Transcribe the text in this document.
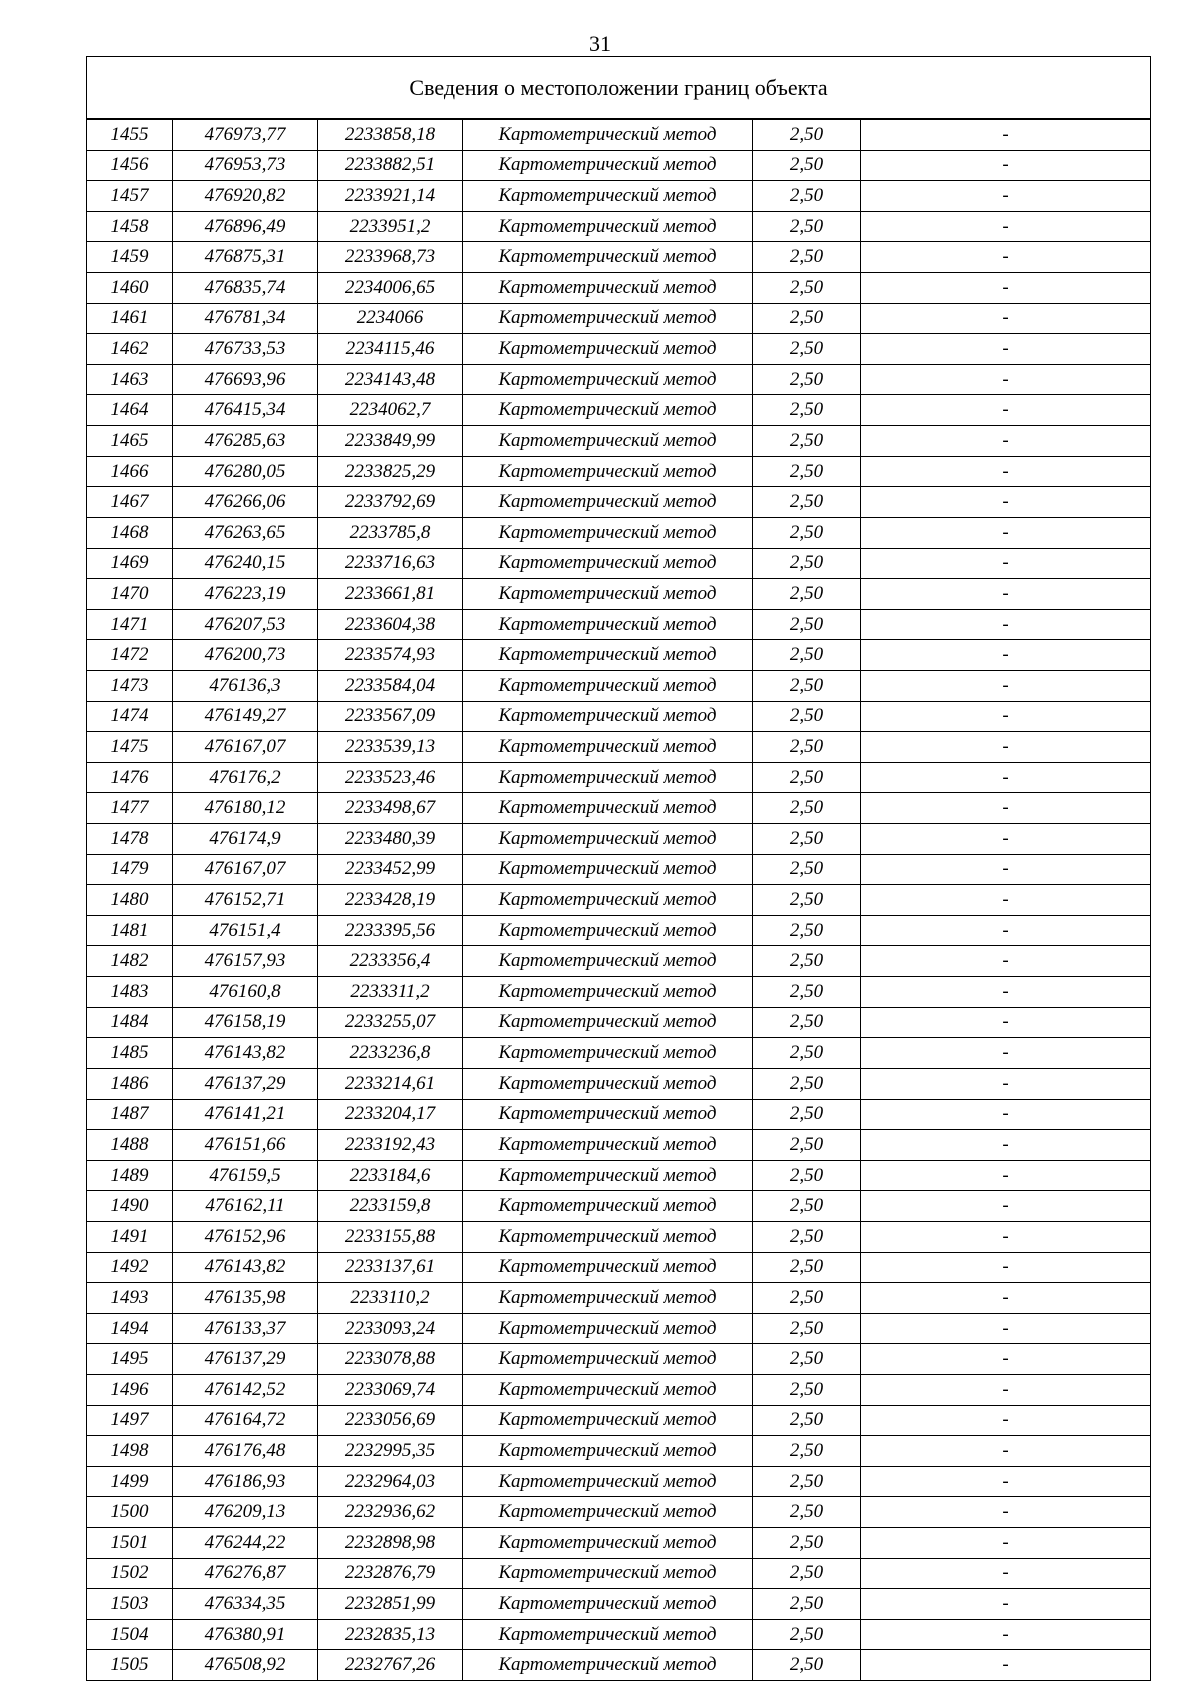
31
Сведения о местоположении границ объекта					
1455	476973,77	2233858,18	Картометрический метод	2,50	-
1456	476953,73	2233882,51	Картометрический метод	2,50	-
1457	476920,82	2233921,14	Картометрический метод	2,50	-
1458	476896,49	2233951,2	Картометрический метод	2,50	-
1459	476875,31	2233968,73	Картометрический метод	2,50	-
1460	476835,74	2234006,65	Картометрический метод	2,50	-
1461	476781,34	2234066	Картометрический метод	2,50	-
1462	476733,53	2234115,46	Картометрический метод	2,50	-
1463	476693,96	2234143,48	Картометрический метод	2,50	-
1464	476415,34	2234062,7	Картометрический метод	2,50	-
1465	476285,63	2233849,99	Картометрический метод	2,50	-
1466	476280,05	2233825,29	Картометрический метод	2,50	-
1467	476266,06	2233792,69	Картометрический метод	2,50	-
1468	476263,65	2233785,8	Картометрический метод	2,50	-
1469	476240,15	2233716,63	Картометрический метод	2,50	-
1470	476223,19	2233661,81	Картометрический метод	2,50	-
1471	476207,53	2233604,38	Картометрический метод	2,50	-
1472	476200,73	2233574,93	Картометрический метод	2,50	-
1473	476136,3	2233584,04	Картометрический метод	2,50	-
1474	476149,27	2233567,09	Картометрический метод	2,50	-
1475	476167,07	2233539,13	Картометрический метод	2,50	-
1476	476176,2	2233523,46	Картометрический метод	2,50	-
1477	476180,12	2233498,67	Картометрический метод	2,50	-
1478	476174,9	2233480,39	Картометрический метод	2,50	-
1479	476167,07	2233452,99	Картометрический метод	2,50	-
1480	476152,71	2233428,19	Картометрический метод	2,50	-
1481	476151,4	2233395,56	Картометрический метод	2,50	-
1482	476157,93	2233356,4	Картометрический метод	2,50	-
1483	476160,8	2233311,2	Картометрический метод	2,50	-
1484	476158,19	2233255,07	Картометрический метод	2,50	-
1485	476143,82	2233236,8	Картометрический метод	2,50	-
1486	476137,29	2233214,61	Картометрический метод	2,50	-
1487	476141,21	2233204,17	Картометрический метод	2,50	-
1488	476151,66	2233192,43	Картометрический метод	2,50	-
1489	476159,5	2233184,6	Картометрический метод	2,50	-
1490	476162,11	2233159,8	Картометрический метод	2,50	-
1491	476152,96	2233155,88	Картометрический метод	2,50	-
1492	476143,82	2233137,61	Картометрический метод	2,50	-
1493	476135,98	2233110,2	Картометрический метод	2,50	-
1494	476133,37	2233093,24	Картометрический метод	2,50	-
1495	476137,29	2233078,88	Картометрический метод	2,50	-
1496	476142,52	2233069,74	Картометрический метод	2,50	-
1497	476164,72	2233056,69	Картометрический метод	2,50	-
1498	476176,48	2232995,35	Картометрический метод	2,50	-
1499	476186,93	2232964,03	Картометрический метод	2,50	-
1500	476209,13	2232936,62	Картометрический метод	2,50	-
1501	476244,22	2232898,98	Картометрический метод	2,50	-
1502	476276,87	2232876,79	Картометрический метод	2,50	-
1503	476334,35	2232851,99	Картометрический метод	2,50	-
1504	476380,91	2232835,13	Картометрический метод	2,50	-
1505	476508,92	2232767,26	Картометрический метод	2,50	-
